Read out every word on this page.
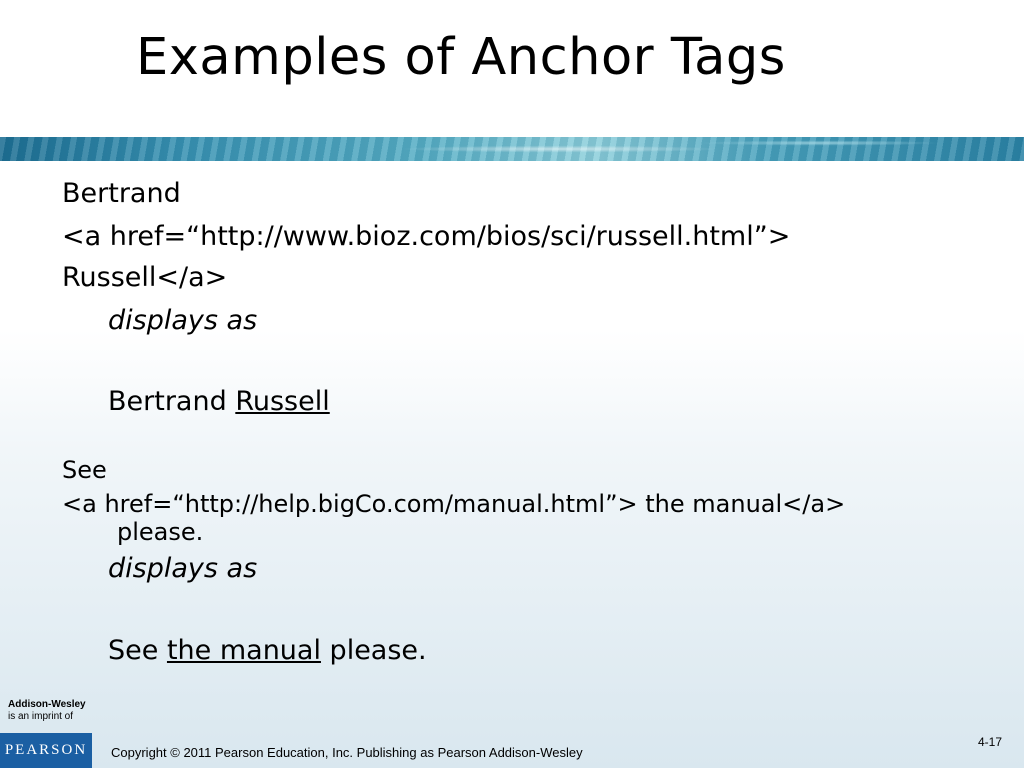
Examples of Anchor Tags
Bertrand
<a href=“http://www.bioz.com/bios/sci/russell.html”>
Russell</a>
displays as
Bertrand Russell
See
<a href=“http://help.bigCo.com/manual.html”> the manual</a>
please.
displays as
See the manual please.
Addison-Wesley
is an imprint of
PEARSON	Copyright © 2011 Pearson Education, Inc. Publishing as Pearson Addison-Wesley
4-17
